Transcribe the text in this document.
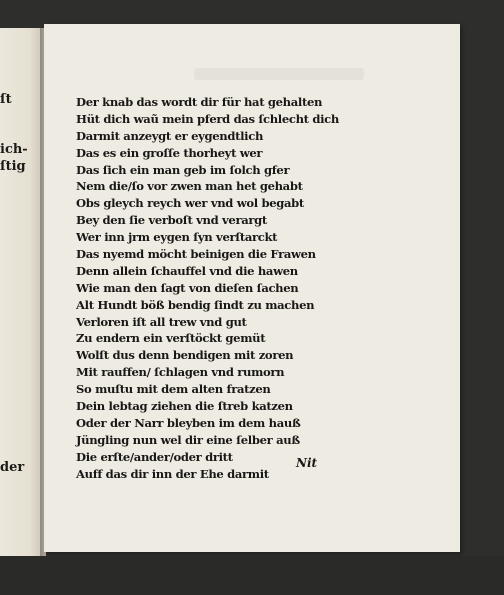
ſt
ich-
ſtig
der
Der knab das wordt dir für hat gehalten
Hüt dich waũ mein pferd das ſchlecht dich
Darmit anzeygt er eygendtlich
Das es ein groſſe thorheyt wer
Das ſich ein man geb im ſolch gfer
Nem die/ſo vor zwen man het gehabt
Obs gleych reych wer vnd wol begabt
Bey den ſie verboſt vnd verargt
Wer inn jrm eygen ſyn verſtarckt
Das nyemd möcht beinigen die Frawen
Denn allein ſchauffel vnd die hawen
Wie man den ſagt von dieſen ſachen
Alt Hundt böß bendig ſindt zu machen
Verloren iſt all trew vnd gut
Zu endern ein verſtöckt gemüt
Wolſt dus denn bendigen mit zoren
Mit rauffen/ ſchlagen vnd rumorn
So muſtu mit dem alten fratzen
Dein lebtag ziehen die ſtreb katzen
Oder der Narr bleyben im dem hauß
Jüngling nun wel dir eine ſelber auß
Die erſte/ander/oder dritt
Auff das dir inn der Ehe darmit
Nit
